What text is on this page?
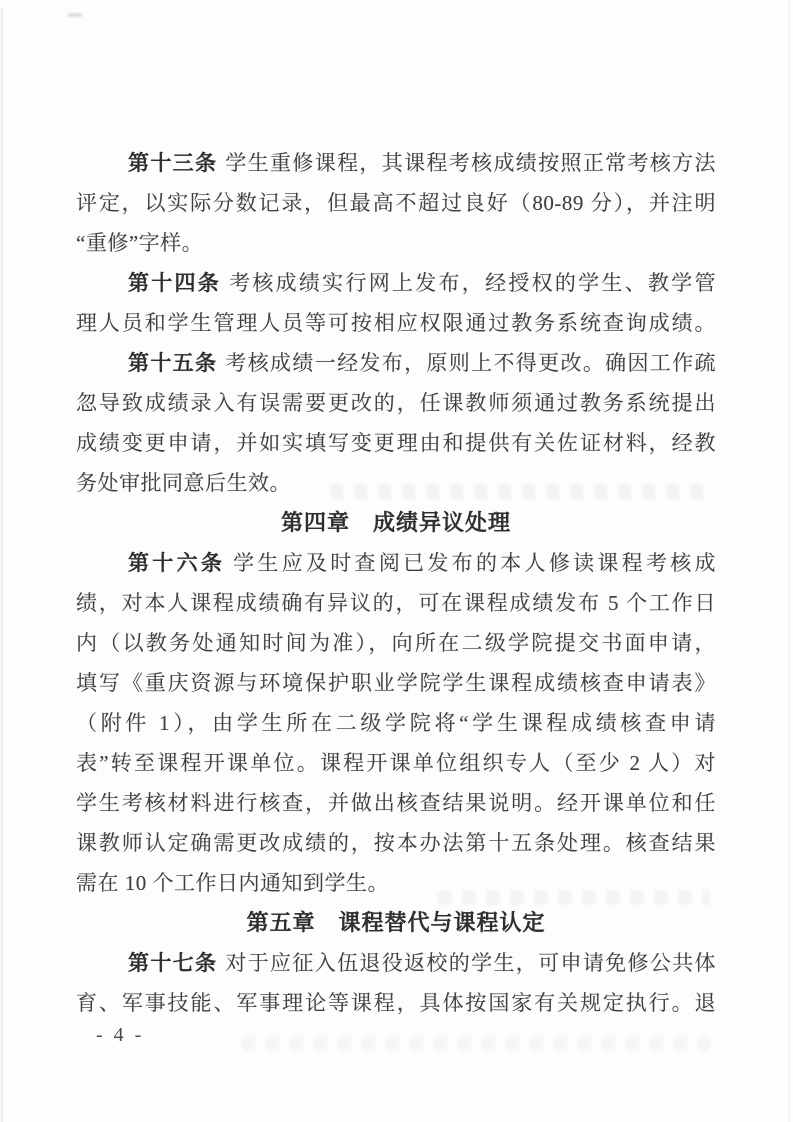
第十三条 学生重修课程，其课程考核成绩按照正常考核方法
评定，以实际分数记录，但最高不超过良好（80-89 分），并注明
“重修”字样。
第十四条 考核成绩实行网上发布，经授权的学生、教学管
理人员和学生管理人员等可按相应权限通过教务系统查询成绩。
第十五条 考核成绩一经发布，原则上不得更改。确因工作疏
忽导致成绩录入有误需要更改的，任课教师须通过教务系统提出
成绩变更申请，并如实填写变更理由和提供有关佐证材料，经教
务处审批同意后生效。
第四章　成绩异议处理
第十六条 学生应及时查阅已发布的本人修读课程考核成
绩，对本人课程成绩确有异议的，可在课程成绩发布 5 个工作日
内（以教务处通知时间为准），向所在二级学院提交书面申请，
填写《重庆资源与环境保护职业学院学生课程成绩核查申请表》
（附件 1），由学生所在二级学院将“学生课程成绩核查申请
表”转至课程开课单位。课程开课单位组织专人（至少 2 人）对
学生考核材料进行核查，并做出核查结果说明。经开课单位和任
课教师认定确需更改成绩的，按本办法第十五条处理。核查结果
需在 10 个工作日内通知到学生。
第五章　课程替代与课程认定
第十七条 对于应征入伍退役返校的学生，可申请免修公共体
育、军事技能、军事理论等课程，具体按国家有关规定执行。退
- 4 -
